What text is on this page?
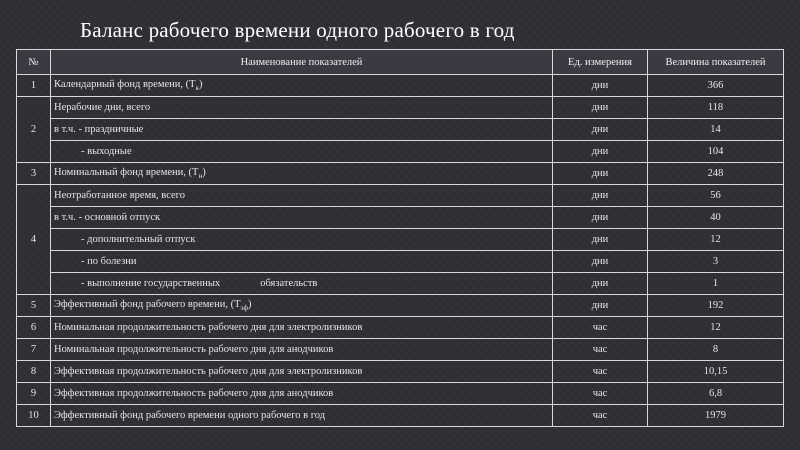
Баланс рабочего времени одного рабочего в год
№	Наименование показателей	Ед. измерения	Величина показателей
1	Календарный фонд времени, $(Т_к)$	дни	366
2	Нерабочие дни, всего	дни	118
	в т.ч. - праздничные	дни	14
	- выходные	дни	104
3	Номинальный фонд времени, $(Т_н)$	дни	248
4	Неотработанное время, всего	дни	56
	в т.ч. - основной отпуск	дни	40
	- дополнительный отпуск	дни	12
	- по болезни	дни	3
	- выполнение государственных обязательств	дни	1
5	Эффективный фонд рабочего времени, $(Т_{эф})$	дни	192
6	Номинальная продолжительность рабочего дня для электролизников	час	12
7	Номинальная продолжительность рабочего дня для анодчиков	час	8
8	Эффективная продолжительность рабочего дня для электролизников	час	10,15
9	Эффективная продолжительность рабочего дня для анодчиков	час	6,8
10	Эффективный фонд рабочего времени одного рабочего в год	час	1979
